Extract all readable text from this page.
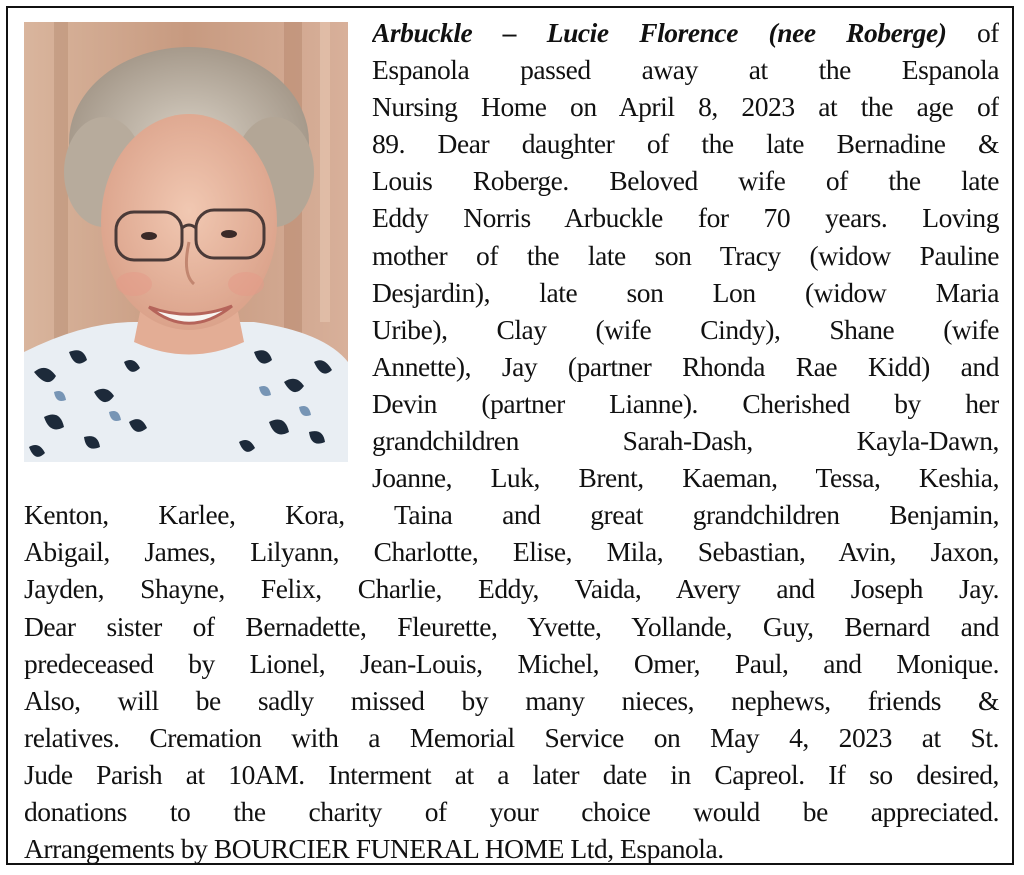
Arbuckle – Lucie Florence (nee Roberge) of
Espanola passed away at the Espanola
Nursing Home on April 8, 2023 at the age of
89. Dear daughter of the late Bernadine &
Louis Roberge. Beloved wife of the late
Eddy Norris Arbuckle for 70 years. Loving
mother of the late son Tracy (widow Pauline
Desjardin), late son Lon (widow Maria
Uribe), Clay (wife Cindy), Shane (wife
Annette), Jay (partner Rhonda Rae Kidd) and
Devin (partner Lianne). Cherished by her
grandchildren Sarah-Dash, Kayla-Dawn,
Joanne, Luk, Brent, Kaeman, Tessa, Keshia,
Kenton, Karlee, Kora, Taina and great grandchildren Benjamin,
Abigail, James, Lilyann, Charlotte, Elise, Mila, Sebastian, Avin, Jaxon,
Jayden, Shayne, Felix, Charlie, Eddy, Vaida, Avery and Joseph Jay.
Dear sister of Bernadette, Fleurette, Yvette, Yollande, Guy, Bernard and
predeceased by Lionel, Jean-Louis, Michel, Omer, Paul, and Monique.
Also, will be sadly missed by many nieces, nephews, friends &
relatives. Cremation with a Memorial Service on May 4, 2023 at St.
Jude Parish at 10AM. Interment at a later date in Capreol. If so desired,
donations to the charity of your choice would be appreciated.
Arrangements by BOURCIER FUNERAL HOME Ltd, Espanola.
